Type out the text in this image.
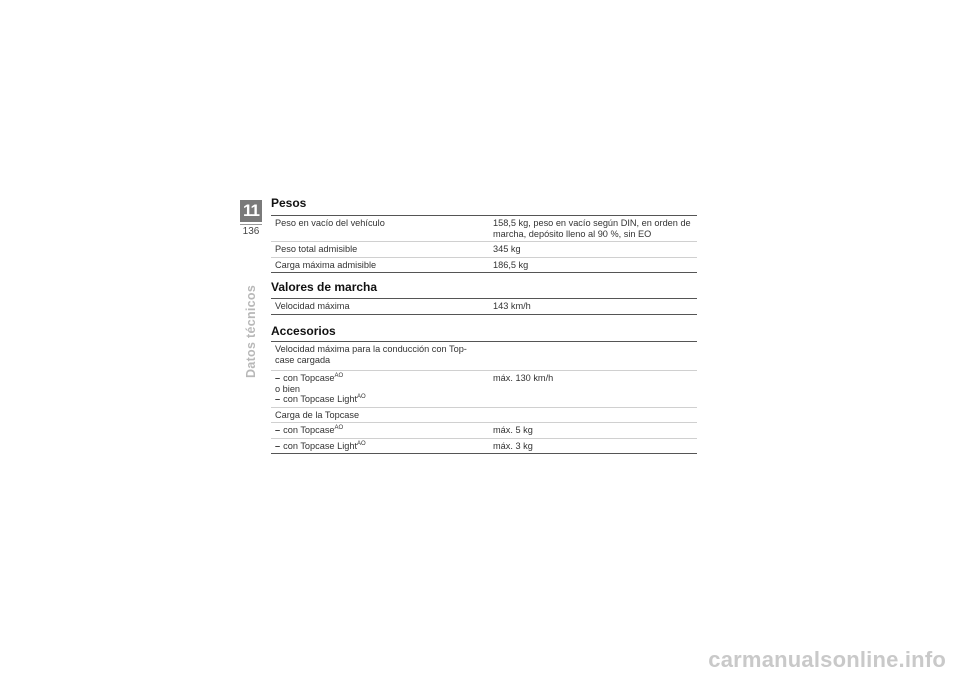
11
136
Datos técnicos
Pesos
Peso en vacío del vehículo	158,5 kg, peso en vacío según DIN, en orden de marcha, depósito lleno al 90 %, sin EO
Peso total admisible	345 kg
Carga máxima admisible	186,5 kg
Valores de marcha
Velocidad máxima	143 km/h
Accesorios
Velocidad máxima para la conducción con Top-case cargada	

– con Topcase$^{AO}$
o bien
– con Topcase Light$^{AO}$	máx. 130 km/h
Carga de la Topcase	
– con Topcase$^{AO}$	máx. 5 kg
– con Topcase Light$^{AO}$	máx. 3 kg
carmanualsonline.info
